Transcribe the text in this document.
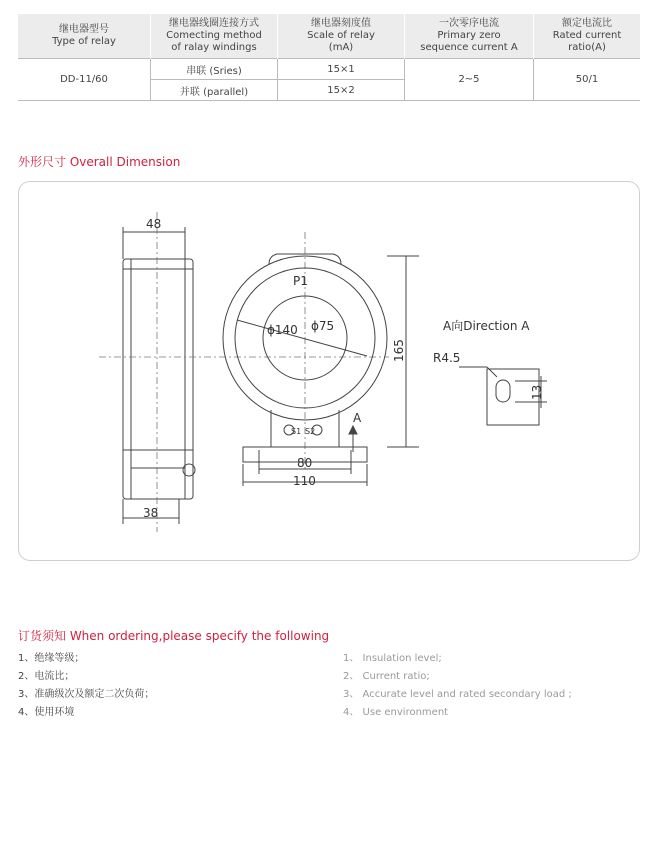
继电器型号
Type of relay	继电器线圈连接方式
Comecting method
of ralay windings	继电器刻度值
Scale of relay
(mA)	一次零序电流
Primary zero
sequence current A	额定电流比
Rated current
ratio(A)

DD-11/60	串联 (Sries)	15×1	2~5	50/1
	并联 (parallel)	15×2		
外形尺寸 Overall Dimension
48
38
P1
ϕ140 ϕ75
165
80
110
A
S1 S2
A向Direction A
R4.5
13
订货须知 When ordering,please specify the following
1、绝缘等级；
2、电流比；
3、准确级次及额定二次负荷；
4、使用环境
1、 Insulation level;
2、 Current ratio;
3、 Accurate level and rated secondary load ;
4、 Use environment
